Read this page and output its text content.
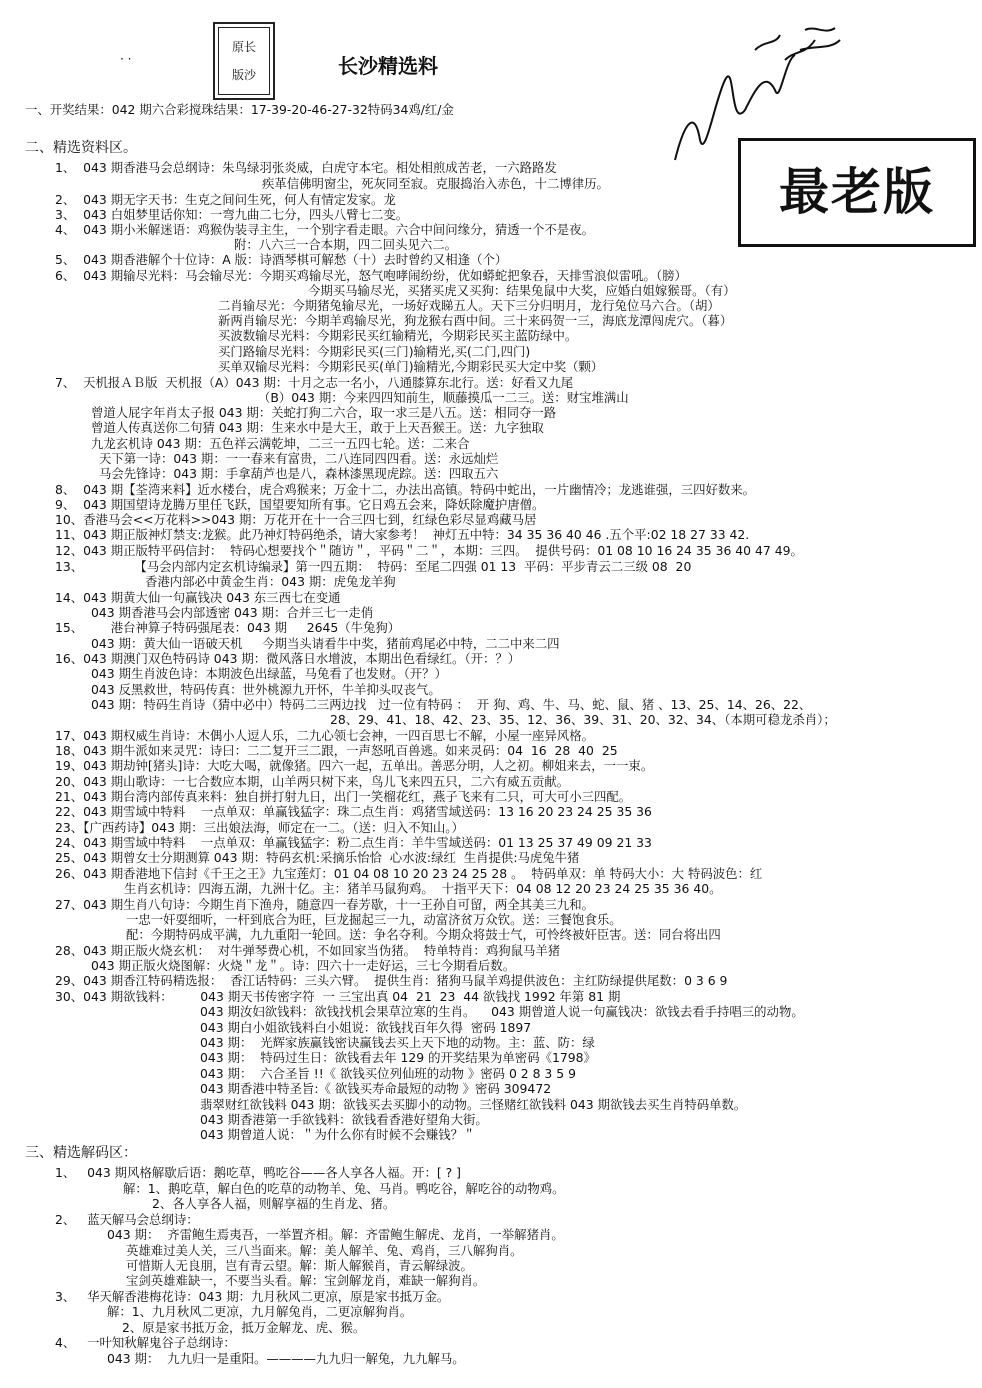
原长
版沙
· ·	长沙精选料
最老版
一、开奖结果：042 期六合彩搅珠结果：17-39-20-46-27-32特码34鸡/红/金
二、精选资料区。
1、  043 期香港马会总纲诗：朱鸟绿羽张炎威，白虎守本宅。相处相煎成苦老，一六路路发
疾革信佛明窗尘，死灰同至寂。克服捣治入赤色，十二博律历。
2、  043 期无字天书：生克之间问生死，何人有情定发家。龙
3、  043 白姐梦里话你知：一弯九曲二七分，四头八臂七二变。
4、  043 期小米解迷语：鸡猴伪装寻主生，一个别字看走眼。六合中间问缘分，猜透一个不是夜。
附：八六三一合本期，四二回头见六二。
5、  043 期香港解个十位诗：A 版：诗酒琴棋可解愁（十）去时曾约又相逢（个）
6、  043 期输尽光料：马会输尽光：今期买鸡输尽光，怒气咆哮闹纷纷，优如蟒蛇把象吞，天排雪浪似雷吼。（膀）
今期买马输尽光，买猪买虎又买狗：结果兔鼠中大奖，应婚白姐嫁猴哥。（有）
二肖输尽光：今期猪兔输尽光，一场好戏睇五人。天下三分归明月，龙行兔位马六合。（胡）
新两肖输尽光：今期羊鸡输尽光，狗龙猴右酉中间。三十来码贺一三，海底龙潭闯虎穴。（暮）
买波数输尽光料：今期彩民买红输精光，今期彩民买主蓝防绿中。
买门路输尽光料：今期彩民买(三门)输精光,买(二门,四门)
买单双输尽光料：今期彩民买(单门)输精光,今期彩民买大定中奖（颗）
7、  天机报ＡＢ版  天机报（A）043 期：十月之志一名小，八通膝算东北行。送：好看又九尾
（B）043 期：今来四四知前生，顺藤摸瓜一二三。送：财宝堆满山
曾道人屁字年肖太子报 043 期：关蛇打狗二六合，取一求三是八五。送：相同夺一路
曾道人传真送你二句猜 043 期：生来水中是大王，敢于上天吾猴王。送：九字独取
九龙玄机诗 043 期：五色祥云满乾坤，二三一五四七轮。送：二来合
天下第一诗：043 期：一一春来有富贵，二八连同四四看。送：永远灿烂
马会先锋诗：043 期：手拿葫芦也是八，森林漆黑现虎踪。送：四取五六
8、  043 期【荃湾来料】近水楼台，虎合鸡猴来；万金十二，办法出高镇。特码中蛇出，一片幽情冷；龙逃谁强，三四好数来。
9、  043 期国望诗龙腾万里任飞跃，国望要知所有事。它日鸡五会来，降妖除魔护唐僧。
10、香港马会<<万花料>>043 期：万花开在十一合三四七到，红绿色彩尽显鸡藏马居
11、043 期正版神灯禁支:龙猴。此乃神灯特码绝杀，请大家参考！  神灯五中特：34 35 36 40 46 .五个平:02 18 27 33 42.
12、043 期正版特平码信封：  特码心想要找个＂随访＂，平码＂二＂，本期：三四。  提供号码：01 08 10 16 24 35 36 40 47 49。
13、             【马会内部内定玄机诗编录】第一四五期：  特码：至尾二四强 01 13  平码：平步青云二三级 08  20
香港内部必中黄金生肖：043 期：虎兔龙羊狗
14、043 期黄大仙一句赢钱决 043 东三西七在变通
043 期香港马会内部透密 043 期：合并三七一走俏
15、       港台神算子特码强尾表：043 期     2645（牛兔狗）
043 期：黄大仙一语破天机     今期当头请看牛中奖，猪前鸡尾必中特，二二中来二四
16、043 期澳门双色特码诗 043 期：微风落日水增波，本期出色看绿红。（开：？）
043 期生肖波色诗：本期波色出绿蓝，马兔看了也发财。（开？）
043 反黑救世，特码传真：世外桃源九开怀，牛羊抑头叹丧气。
043 期：特码生肖诗（猜中必中）特码二三两边找   过一位有特码 ：  开 狗、鸡、牛、马、蛇、鼠、猪 、13、25、14、26、22、
28、29、41、18、42、23、35、12、36、39、31、20、32、34、（本期可稳龙杀肖）；
17、043 期权威生肖诗：木偶小人逗人乐，二九心领七会神，一四百思七不解，小屋一座异风格。
18、043 期牛派如来灵咒：诗曰：二二复开三二跟，一声怒吼百兽逃。如来灵码：04  16  28  40  25
19、043 期劫钟[猪头]诗：大吃大喝，就像猪。四六一起，五单出。善恶分明，人之初。柳姐来去，一一束。
20、043 期山歌诗：一七合数应本期，山羊两只树下来，鸟儿飞来四五只，二六有威五贡献。
21、043 期台湾内部传真来料：独自拼打射九日，出门一笑榴花红，燕子飞来有二只，可大可小三四配。
22、043 期雪域中特料    一点单双：单赢钱猛字：珠二点生肖：鸡猪雪域送码：13 16 20 23 24 25 35 36
23、【广西药诗】043 期：三出娘法海，师定在一二。（送：归入不知山。）
24、043 期雪域中特料    一点单双：单赢钱猛字：粉二点生肖：羊牛雪域送码：01 13 25 37 49 09 21 33
25、043 期曾女士分期测算 043 期：特码玄机:采摘乐怡恰  心水波:绿红  生肖提供:马虎兔牛猪
26、043 期香港地下信封《千王之王》九宝莲灯：01 04 08 10 20 23 24 25 28 。  特码单双：单 特码大小：大 特码波色：红
生肖玄机诗：四海五湖，九洲十亿。主：猪羊马鼠狗鸡。  十指平天下：04 08 12 20 23 24 25 35 36 40。
27、043 期生肖八句诗：今期生肖下渔舟，随意四一春芳歇，十一王孙自可留，两全其美三九和。
一忠一奸耍细听，一杆到底合为旺，巨龙掘起三一九，动富济贫万众钦。送：三餐饱食乐。
配：今期特码成平满，九九重阳一轮回。送：争名夺利。今期众将鼓士气，可怜终被奸臣害。送：同台将出四
28、043 期正版火烧玄机：  对牛弹琴费心机，不如回家当伪猪。  特单特肖：鸡狗鼠马羊猪
043 期正版火烧图解：火烧＂龙＂。诗：四六十一走好运，三七今期看后数。
29、043 期香江特码精选报：  香江话特码：三头六臂。  提供生肖：猪狗马鼠羊鸡提供波色：主红防绿提供尾数：0 3 6 9
30、043 期欲钱料：       043 期天书传密字符  一 三宝出真 04  21  23  44 欲钱找 1992 年第 81 期
043 期汝妇欲钱料：欲钱找机会果草泣寒的生肖。    043 期曾道人说一句赢钱决：欲钱去看手持唱三的动物。
043 期白小姐欲钱料白小姐说：欲钱找百年久得  密码 1897
043 期：  光辉家族赢钱密诀赢钱去买上天下地的动物。主：蓝、防：绿
043 期：  特码过生日：欲钱看去年 129 的开奖结果为单密码《1798》
043 期：  六合圣旨 !!《 欲钱买位列仙班的动物 》密码 0 2 8 3 5 9
043 期香港中特圣旨:《 欲钱买寿命最短的动物 》密码 309472
翡翠财红欲钱料 043 期：欲钱买去买脚小的动物。三怪赌红欲钱料 043 期欲钱去买生肖特码单数。
043 期香港第一手欲钱料：欲钱看香港好望角大街。
043 期曾道人说：＂为什么你有时候不会赚钱？＂
三、精选解码区：
1、   043 期风格解歇后语：鹅吃草，鸭吃谷——各人享各人福。开：[ ? ]
解：1、鹅吃草，解白色的吃草的动物羊、兔、马肖。鸭吃谷，解吃谷的动物鸡。
2、各人享各人福，则解享福的生肖龙、猪。
2、   蓝天解马会总纲诗：
043 期：  齐雷鲍生焉夷吾，一举置齐相。解：齐雷鲍生解虎、龙肖，一举解猪肖。
英雄难过美人关，三八当面来。解：美人解羊、兔、鸡肖，三八解狗肖。
可惜斯人无良朋，岂有青云望。解：斯人解猴肖，青云解绿波。
宝剑英雄难缺一，不要当头看。解：宝剑解龙肖，难缺一解狗肖。
3、   华天解香港梅花诗：043 期：九月秋风二更凉，原是家书抵万金。
解：1、九月秋风二更凉，九月解兔肖，二更凉解狗肖。
2、原是家书抵万金，抵万金解龙、虎、猴。
4、   一叶知秋解鬼谷子总纲诗：
043 期：  九九归一是重阳。————九九归一解兔，九九解马。
